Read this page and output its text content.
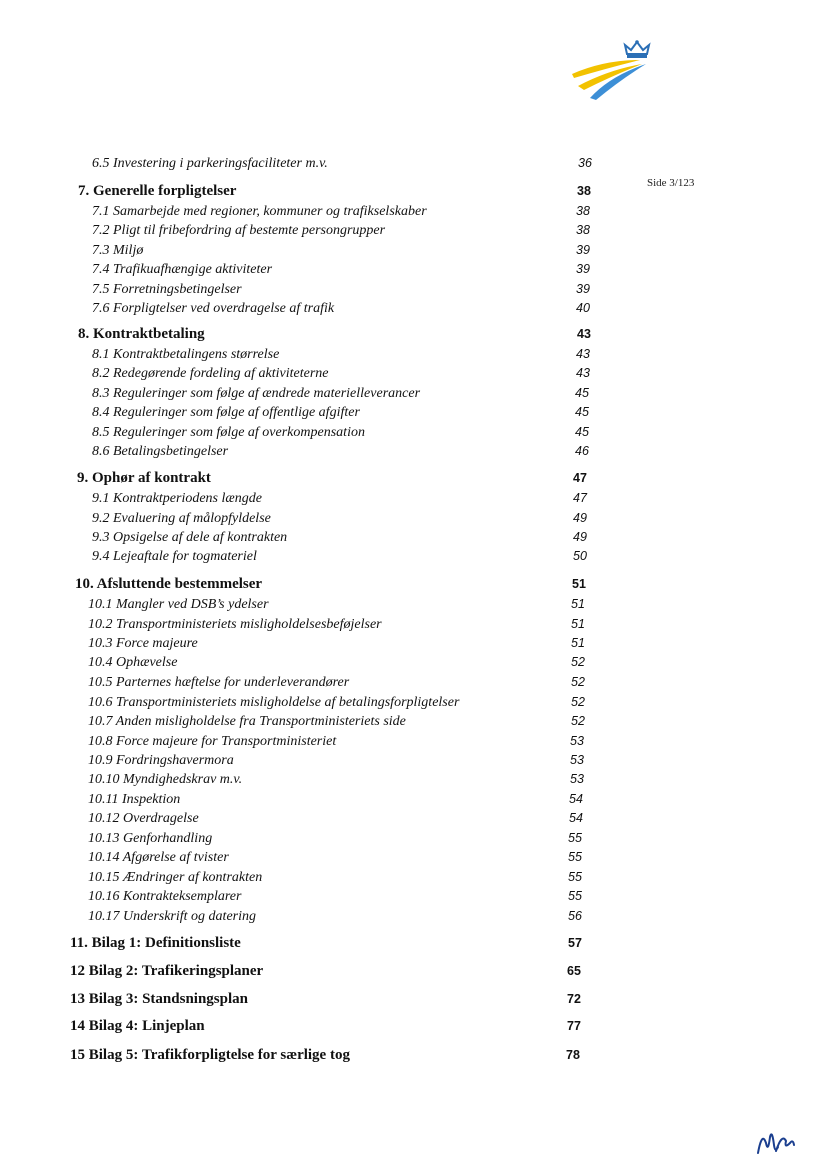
Side 3/123
6.5 Investering i parkeringsfaciliteter m.v.	36
7. Generelle forpligtelser	38
7.1 Samarbejde med regioner, kommuner og trafikselskaber	38
7.2 Pligt til fribefordring af bestemte persongrupper	38
7.3 Miljø	39
7.4 Trafikuafhængige aktiviteter	39
7.5 Forretningsbetingelser	39
7.6 Forpligtelser ved overdragelse af trafik	40
8. Kontraktbetaling	43
8.1 Kontraktbetalingens størrelse	43
8.2 Redegørende fordeling af aktiviteterne	43
8.3 Reguleringer som følge af ændrede materielleverancer	45
8.4 Reguleringer som følge af offentlige afgifter	45
8.5 Reguleringer som følge af overkompensation	45
8.6 Betalingsbetingelser	46
9. Ophør af kontrakt	47
9.1 Kontraktperiodens længde	47
9.2 Evaluering af målopfyldelse	49
9.3 Opsigelse af dele af kontrakten	49
9.4 Lejeaftale for togmateriel	50
10. Afsluttende bestemmelser	51
10.1 Mangler ved DSB’s ydelser	51
10.2 Transportministeriets misligholdelsesbeføjelser	51
10.3 Force majeure	51
10.4 Ophævelse	52
10.5 Parternes hæftelse for underleverandører	52
10.6 Transportministeriets misligholdelse af betalingsforpligtelser	52
10.7 Anden misligholdelse fra Transportministeriets side	52
10.8 Force majeure for Transportministeriet	53
10.9 Fordringshavermora	53
10.10 Myndighedskrav m.v.	53
10.11 Inspektion	54
10.12 Overdragelse	54
10.13 Genforhandling	55
10.14 Afgørelse af tvister	55
10.15 Ændringer af kontrakten	55
10.16 Kontrakteksemplarer	55
10.17 Underskrift og datering	56
11. Bilag 1: Definitionsliste	57
12 Bilag 2: Trafikeringsplaner	65
13 Bilag 3: Standsningsplan	72
14 Bilag 4: Linjeplan	77
15 Bilag 5: Trafikforpligtelse for særlige tog	78
